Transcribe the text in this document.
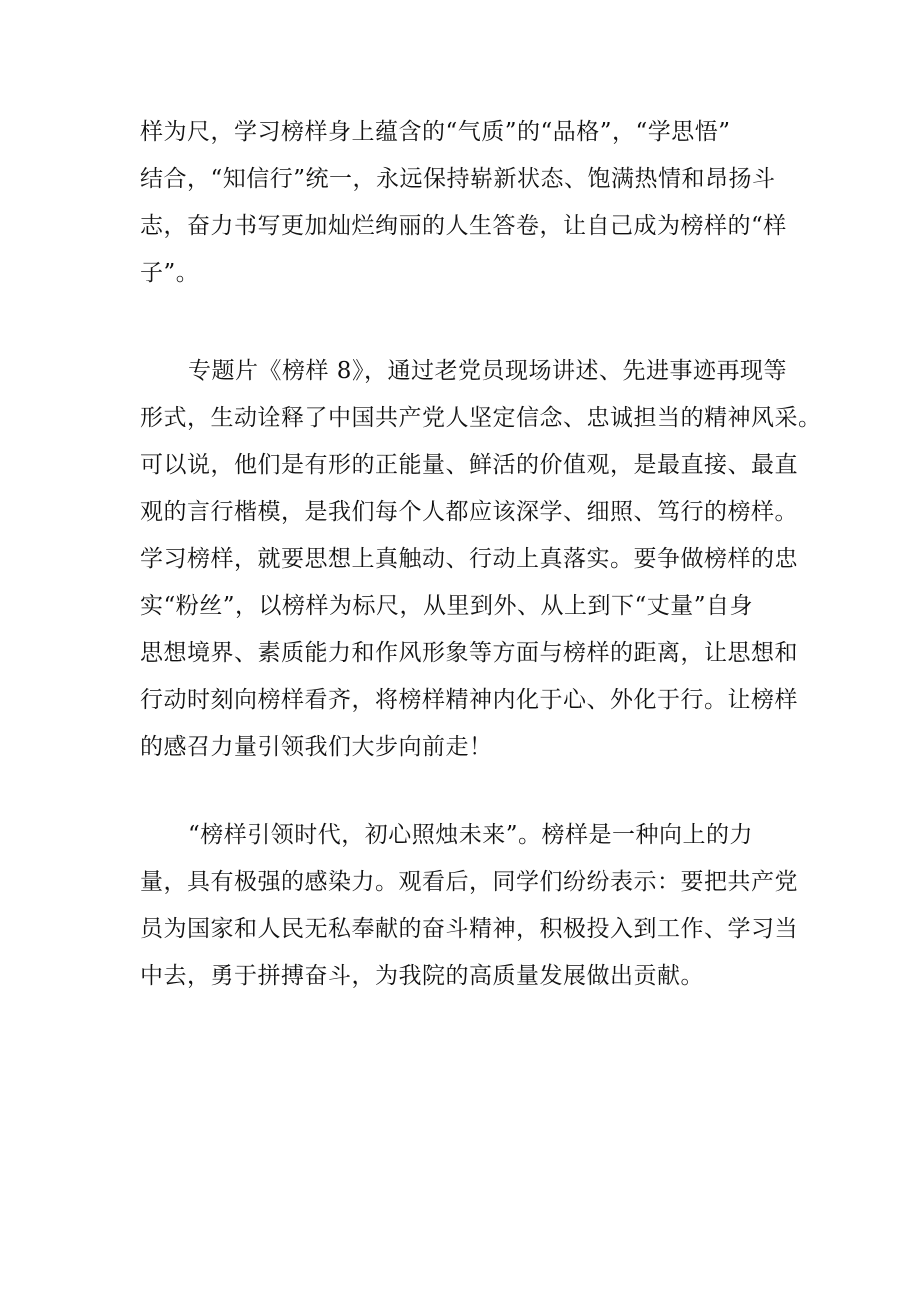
样为尺，学习榜样身上蕴含的“气质”的“品格”，“学思悟”
结合，“知信行”统一，永远保持崭新状态、饱满热情和昂扬斗
志，奋力书写更加灿烂绚丽的人生答卷，让自己成为榜样的“样
子”。

专题片《榜样 8》，通过老党员现场讲述、先进事迹再现等
形式，生动诠释了中国共产党人坚定信念、忠诚担当的精神风采。
可以说，他们是有形的正能量、鲜活的价值观，是最直接、最直
观的言行楷模，是我们每个人都应该深学、细照、笃行的榜样。
学习榜样，就要思想上真触动、行动上真落实。要争做榜样的忠
实“粉丝”，以榜样为标尺，从里到外、从上到下“丈量”自身
思想境界、素质能力和作风形象等方面与榜样的距离，让思想和
行动时刻向榜样看齐，将榜样精神内化于心、外化于行。让榜样
的感召力量引领我们大步向前走！

“榜样引领时代，初心照烛未来”。榜样是一种向上的力
量，具有极强的感染力。观看后，同学们纷纷表示：要把共产党
员为国家和人民无私奉献的奋斗精神，积极投入到工作、学习当
中去，勇于拼搏奋斗，为我院的高质量发展做出贡献。
